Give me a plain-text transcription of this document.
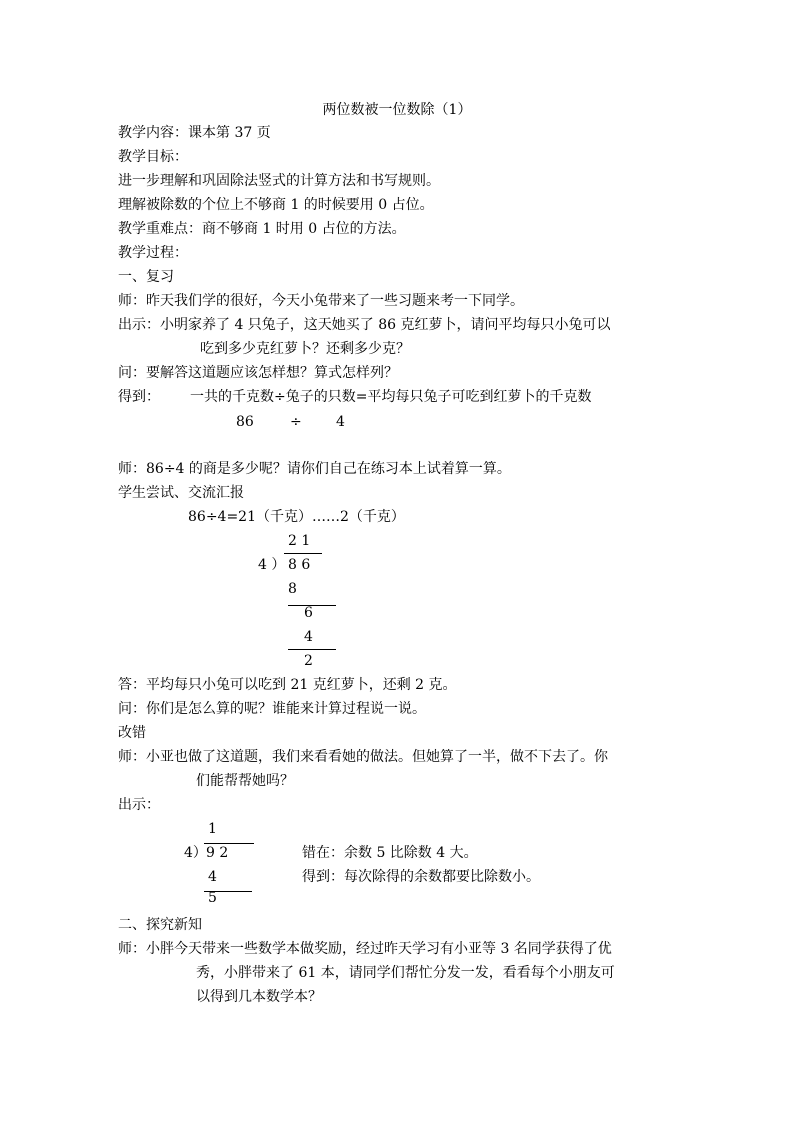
两位数被一位数除（1）
教学内容：课本第 37 页
教学目标：
进一步理解和巩固除法竖式的计算方法和书写规则。
理解被除数的个位上不够商 1 的时候要用 0 占位。
教学重难点：商不够商 1 时用 0 占位的方法。
教学过程：
一、复习
师：昨天我们学的很好，今天小兔带来了一些习题来考一下同学。
出示：小明家养了 4 只兔子，这天她买了 86 克红萝卜，请问平均每只小兔可以
吃到多少克红萝卜？还剩多少克？
问：要解答这道题应该怎样想？算式怎样列？
得到： 一共的千克数÷兔子的只数=平均每只兔子可吃到红萝卜的千克数
86	÷ 4
师：86÷4 的商是多少呢？请你们自己在练习本上试着算一算。
学生尝试、交流汇报
86÷4=21（千克）……2（千克）
2 1
4 ） 8 6
8
6
4
2
答：平均每只小兔可以吃到 21 克红萝卜，还剩 2 克。
问：你们是怎么算的呢？谁能来计算过程说一说。
改错
师：小亚也做了这道题，我们来看看她的做法。但她算了一半，做不下去了。你
们能帮帮她吗？
出示：
1
4） 9 2
4
5
错在：余数 5 比除数 4 大。
得到：每次除得的余数都要比除数小。
二、探究新知
师：小胖今天带来一些数学本做奖励，经过昨天学习有小亚等 3 名同学获得了优
秀，小胖带来了 61 本，请同学们帮忙分发一发，看看每个小朋友可
以得到几本数学本？
